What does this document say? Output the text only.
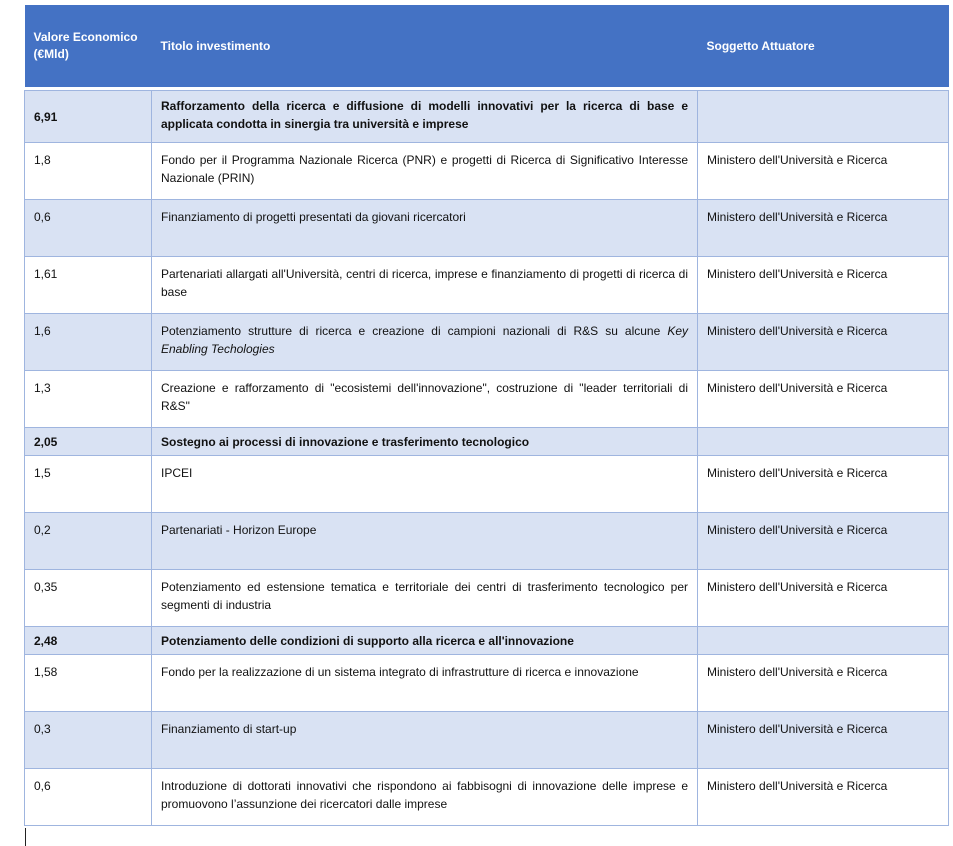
Valore Economico (€Mld)	Titolo investimento	Soggetto Attuatore

6,91	Rafforzamento della ricerca e diffusione di modelli innovativi per la ricerca di base e applicata condotta in sinergia tra università e imprese	
1,8	Fondo per il Programma Nazionale Ricerca (PNR) e progetti di Ricerca di Significativo Interesse Nazionale (PRIN)	Ministero dell'Università e Ricerca
0,6	Finanziamento di progetti presentati da giovani ricercatori	Ministero dell'Università e Ricerca
1,61	Partenariati allargati all'Università, centri di ricerca, imprese e finanziamento di progetti di ricerca di base	Ministero dell'Università e Ricerca
1,6	Potenziamento strutture di ricerca e creazione di campioni nazionali di R&S su alcune Key Enabling Techologies	Ministero dell'Università e Ricerca
1,3	Creazione e rafforzamento di "ecosistemi dell'innovazione", costruzione di "leader territoriali di R&S"	Ministero dell'Università e Ricerca
2,05	Sostegno ai processi di innovazione e trasferimento tecnologico	
1,5	IPCEI	Ministero dell'Università e Ricerca
0,2	Partenariati - Horizon Europe	Ministero dell'Università e Ricerca
0,35	Potenziamento ed estensione tematica e territoriale dei centri di trasferimento tecnologico per segmenti di industria	Ministero dell'Università e Ricerca
2,48	Potenziamento delle condizioni di supporto alla ricerca e all'innovazione	
1,58	Fondo per la realizzazione di un sistema integrato di infrastrutture di ricerca e innovazione	Ministero dell'Università e Ricerca
0,3	Finanziamento di start-up	Ministero dell'Università e Ricerca
0,6	Introduzione di dottorati innovativi che rispondono ai fabbisogni di innovazione delle imprese e promuovono l’assunzione dei ricercatori dalle imprese	Ministero dell'Università e Ricerca
